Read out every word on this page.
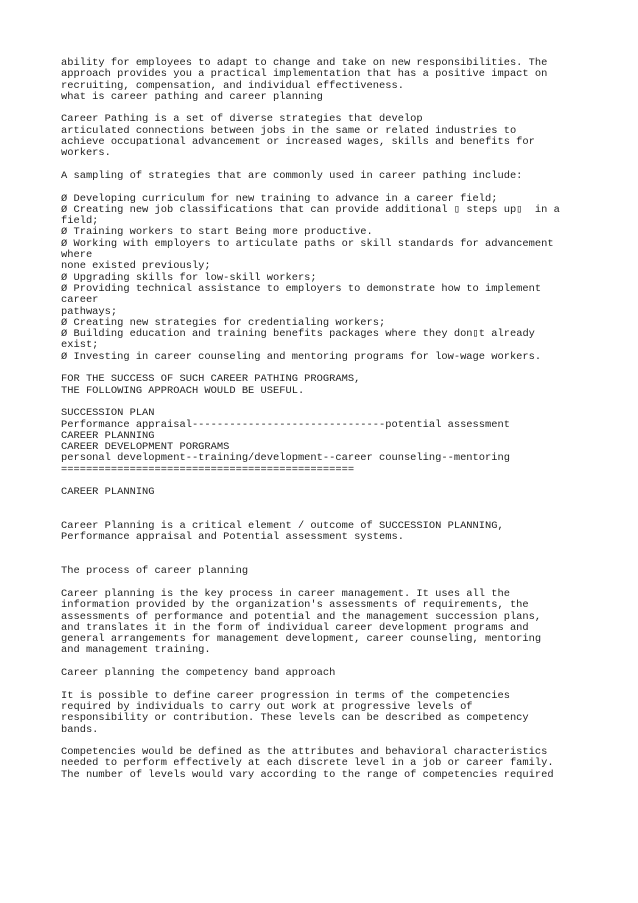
ability for employees to adapt to change and take on new responsibilities. The
approach provides you a practical implementation that has a positive impact on
recruiting, compensation, and individual effectiveness.
what is career pathing and career planning
Career Pathing is a set of diverse strategies that develop
articulated connections between jobs in the same or related industries to
achieve occupational advancement or increased wages, skills and benefits for
workers.
A sampling of strategies that are commonly used in career pathing include:
Ø Developing curriculum for new training to advance in a career field;
Ø Creating new job classifications that can provide additional ▯ steps up▯  in a
field;
Ø Training workers to start Being more productive.
Ø Working with employers to articulate paths or skill standards for advancement
where
none existed previously;
Ø Upgrading skills for low-skill workers;
Ø Providing technical assistance to employers to demonstrate how to implement
career
pathways;
Ø Creating new strategies for credentialing workers;
Ø Building education and training benefits packages where they don▯t already
exist;
Ø Investing in career counseling and mentoring programs for low-wage workers.
FOR THE SUCCESS OF SUCH CAREER PATHING PROGRAMS,
THE FOLLOWING APPROACH WOULD BE USEFUL.
SUCCESSION PLAN
Performance appraisal-------------------------------potential assessment
CAREER PLANNING
CAREER DEVELOPMENT PORGRAMS
personal development--training/development--career counseling--mentoring
===============================================
CAREER PLANNING
Career Planning is a critical element / outcome of SUCCESSION PLANNING,
Performance appraisal and Potential assessment systems.
The process of career planning
Career planning is the key process in career management. It uses all the
information provided by the organization's assessments of requirements, the
assessments of performance and potential and the management succession plans,
and translates it in the form of individual career development programs and
general arrangements for management development, career counseling, mentoring
and management training.
Career planning the competency band approach
It is possible to define career progression in terms of the competencies
required by individuals to carry out work at progressive levels of
responsibility or contribution. These levels can be described as competency
bands.
Competencies would be defined as the attributes and behavioral characteristics
needed to perform effectively at each discrete level in a job or career family.
The number of levels would vary according to the range of competencies required
